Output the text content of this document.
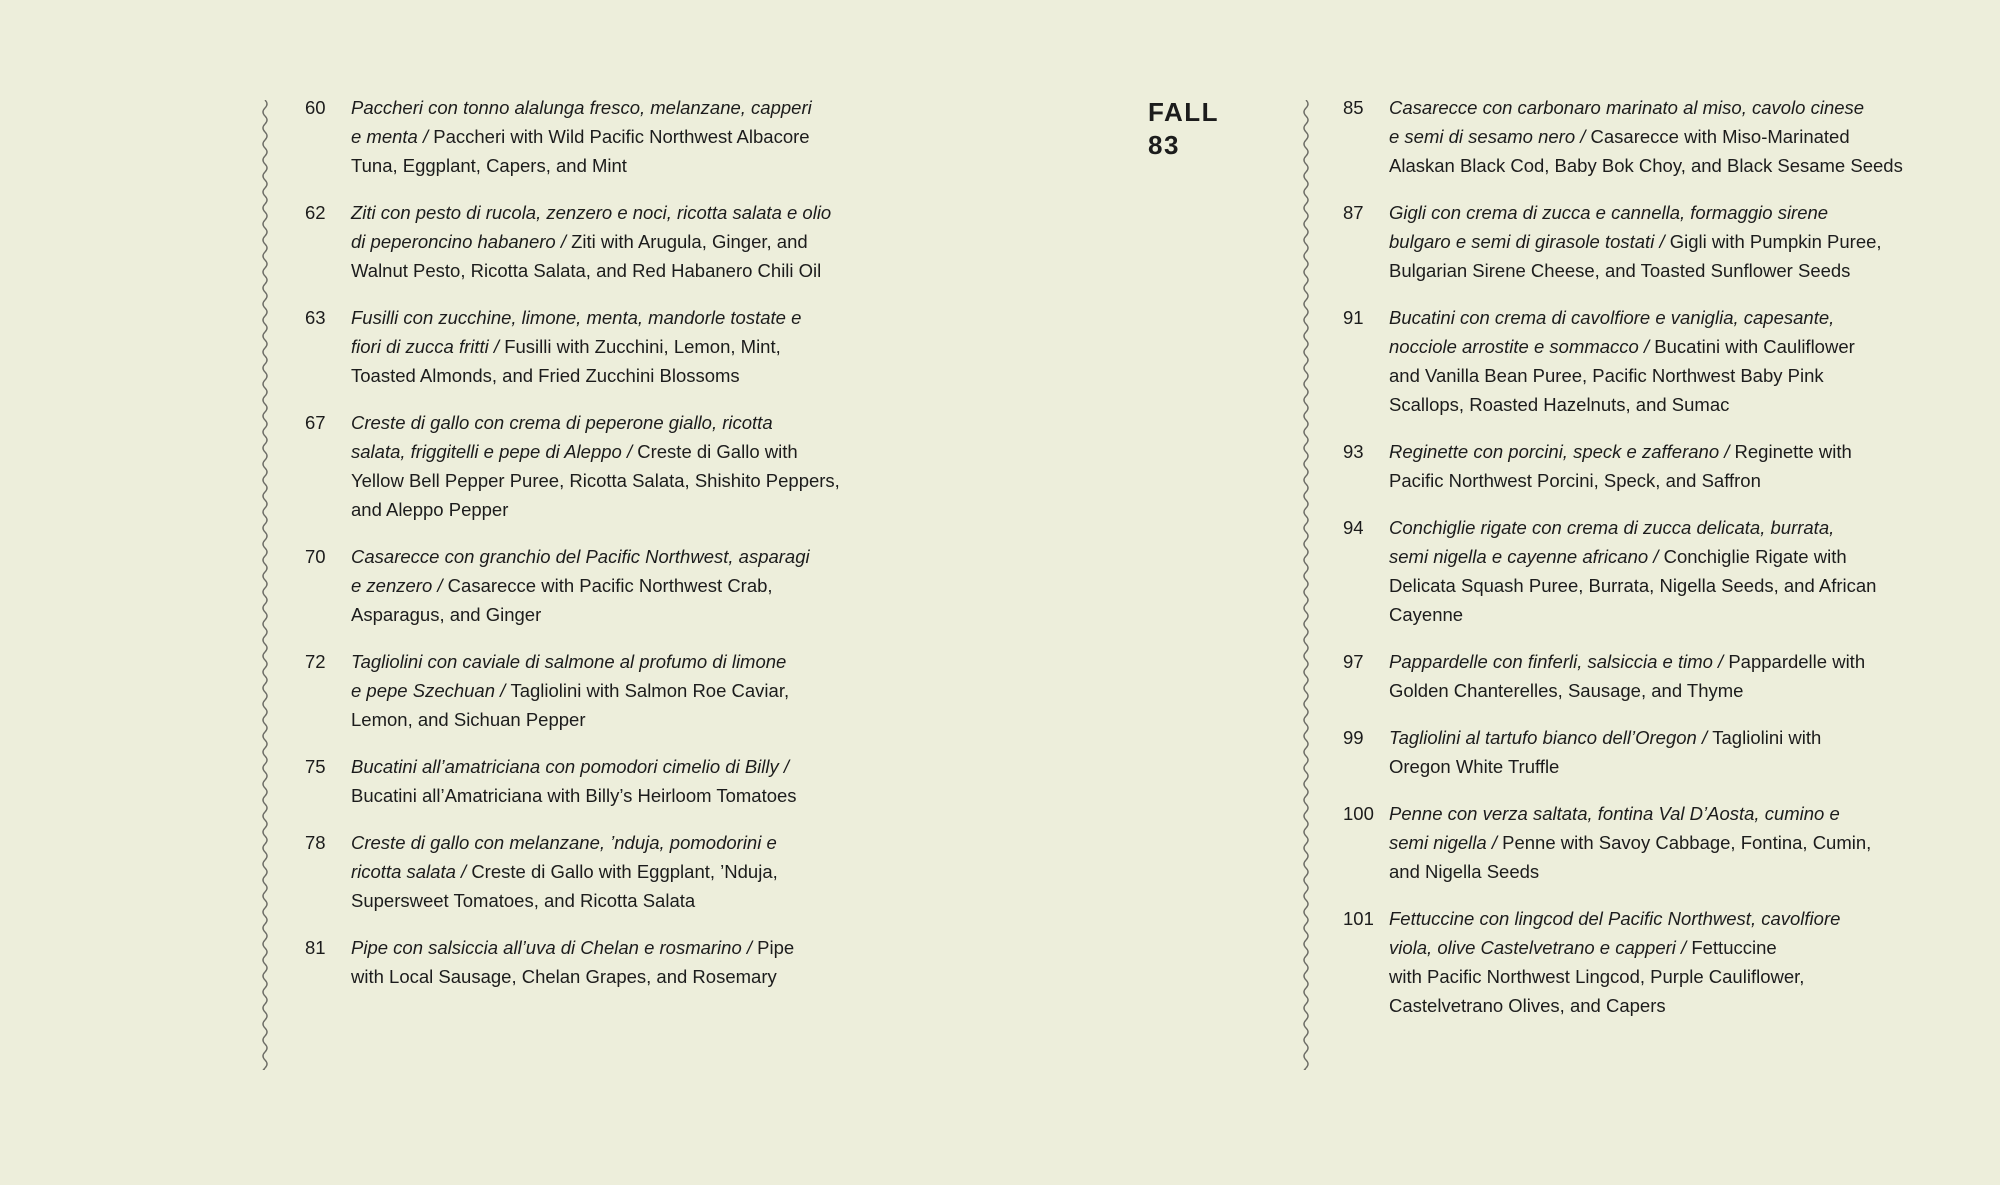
60	Paccheri con tonno alalunga fresco, melanzane, capperi
e menta / Paccheri with Wild Pacific Northwest Albacore
Tuna, Eggplant, Capers, and Mint
62	Ziti con pesto di rucola, zenzero e noci, ricotta salata e olio
di peperoncino habanero / Ziti with Arugula, Ginger, and
Walnut Pesto, Ricotta Salata, and Red Habanero Chili Oil
63	Fusilli con zucchine, limone, menta, mandorle tostate e
fiori di zucca fritti / Fusilli with Zucchini, Lemon, Mint,
Toasted Almonds, and Fried Zucchini Blossoms
67	Creste di gallo con crema di peperone giallo, ricotta
salata, friggitelli e pepe di Aleppo / Creste di Gallo with
Yellow Bell Pepper Puree, Ricotta Salata, Shishito Peppers,
and Aleppo Pepper
70	Casarecce con granchio del Pacific Northwest, asparagi
e zenzero / Casarecce with Pacific Northwest Crab,
Asparagus, and Ginger
72	Tagliolini con caviale di salmone al profumo di limone
e pepe Szechuan / Tagliolini with Salmon Roe Caviar,
Lemon, and Sichuan Pepper
75	Bucatini all’amatriciana con pomodori cimelio di Billy /
Bucatini all’Amatriciana with Billy’s Heirloom Tomatoes
78	Creste di gallo con melanzane, ’nduja, pomodorini e
ricotta salata / Creste di Gallo with Eggplant, ’Nduja,
Supersweet Tomatoes, and Ricotta Salata
81	Pipe con salsiccia all’uva di Chelan e rosmarino / Pipe
with Local Sausage, Chelan Grapes, and Rosemary
FALL
83
85	Casarecce con carbonaro marinato al miso, cavolo cinese
e semi di sesamo nero / Casarecce with Miso-Marinated
Alaskan Black Cod, Baby Bok Choy, and Black Sesame Seeds
87	Gigli con crema di zucca e cannella, formaggio sirene
bulgaro e semi di girasole tostati / Gigli with Pumpkin Puree,
Bulgarian Sirene Cheese, and Toasted Sunflower Seeds
91	Bucatini con crema di cavolfiore e vaniglia, capesante,
nocciole arrostite e sommacco / Bucatini with Cauliflower
and Vanilla Bean Puree, Pacific Northwest Baby Pink
Scallops, Roasted Hazelnuts, and Sumac
93	Reginette con porcini, speck e zafferano / Reginette with
Pacific Northwest Porcini, Speck, and Saffron
94	Conchiglie rigate con crema di zucca delicata, burrata,
semi nigella e cayenne africano / Conchiglie Rigate with
Delicata Squash Puree, Burrata, Nigella Seeds, and African
Cayenne
97	Pappardelle con finferli, salsiccia e timo / Pappardelle with
Golden Chanterelles, Sausage, and Thyme
99	Tagliolini al tartufo bianco dell’Oregon / Tagliolini with
Oregon White Truffle
100 Penne con verza saltata, fontina Val D’Aosta, cumino e
semi nigella / Penne with Savoy Cabbage, Fontina, Cumin,
and Nigella Seeds
101 Fettuccine con lingcod del Pacific Northwest, cavolfiore
viola, olive Castelvetrano e capperi / Fettuccine
with Pacific Northwest Lingcod, Purple Cauliflower,
Castelvetrano Olives, and Capers
